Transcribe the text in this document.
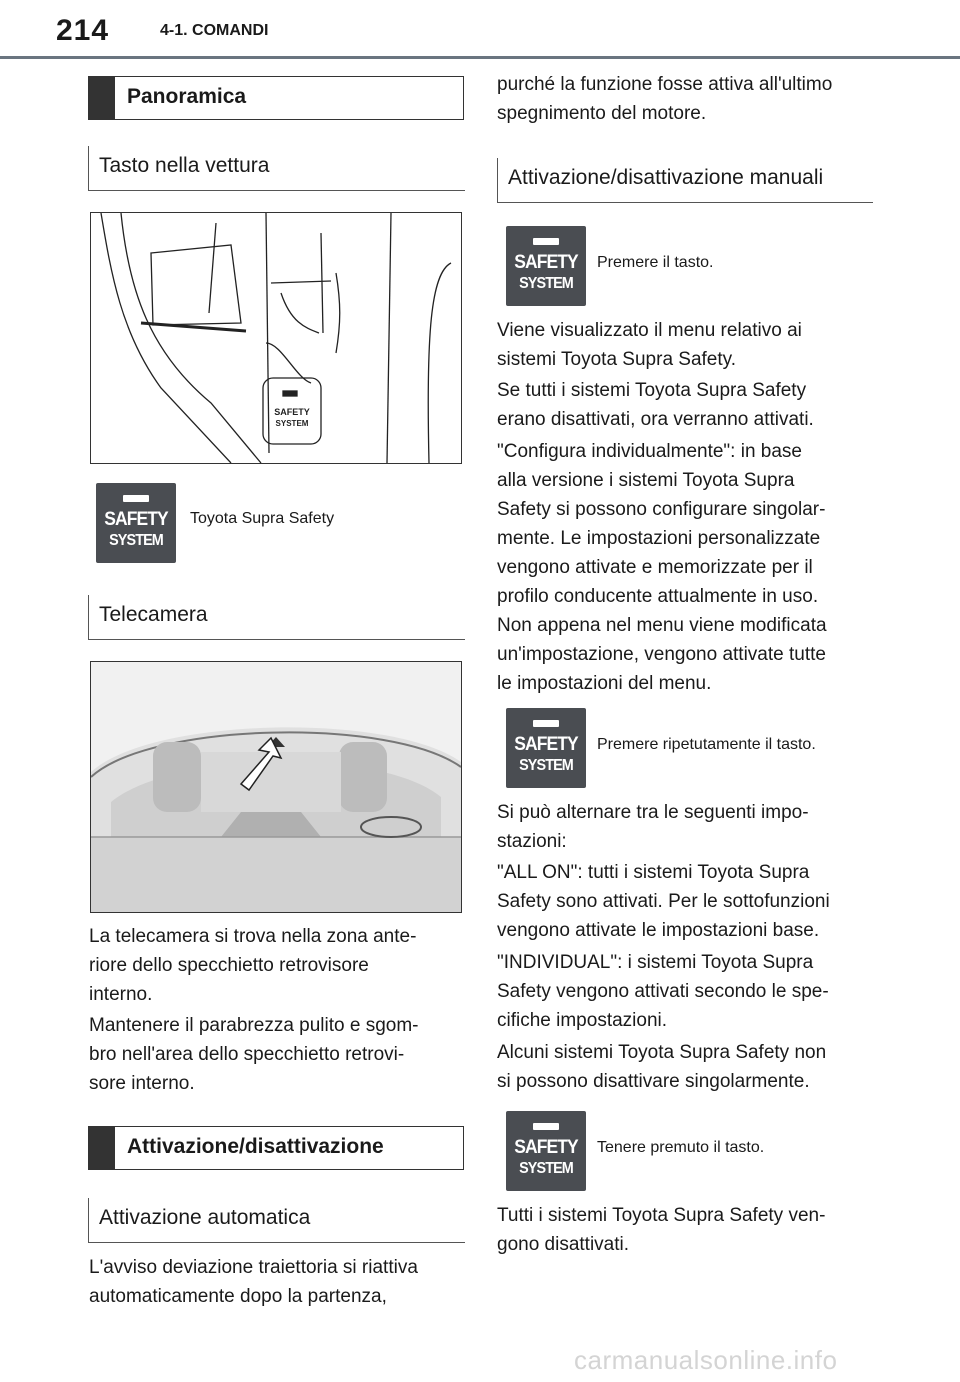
214	4-1. COMANDI
Panoramica
Tasto nella vettura
SAFETY
SYSTEM
SAFETY
SYSTEM
Toyota Supra Safety
Telecamera
La telecamera si trova nella zona ante-
riore dello specchietto retrovisore
interno.
Mantenere il parabrezza pulito e sgom-
bro nell'area dello specchietto retrovi-
sore interno.
Attivazione/disattivazione
Attivazione automatica
L'avviso deviazione traiettoria si riattiva
automaticamente dopo la partenza,
purché la funzione fosse attiva all'ultimo
spegnimento del motore.
Attivazione/disattivazione manuali
SAFETY
SYSTEM
Premere il tasto.
Viene visualizzato il menu relativo ai
sistemi Toyota Supra Safety.
Se tutti i sistemi Toyota Supra Safety
erano disattivati, ora verranno attivati.
"Configura individualmente": in base
alla versione i sistemi Toyota Supra
Safety si possono configurare singolar-
mente. Le impostazioni personalizzate
vengono attivate e memorizzate per il
profilo conducente attualmente in uso.
Non appena nel menu viene modificata
un'impostazione, vengono attivate tutte
le impostazioni del menu.
SAFETY
SYSTEM
Premere ripetutamente il tasto.
Si può alternare tra le seguenti impo-
stazioni:
"ALL ON": tutti i sistemi Toyota Supra
Safety sono attivati. Per le sottofunzioni
vengono attivate le impostazioni base.
"INDIVIDUAL": i sistemi Toyota Supra
Safety vengono attivati secondo le spe-
cifiche impostazioni.
Alcuni sistemi Toyota Supra Safety non
si possono disattivare singolarmente.
SAFETY
SYSTEM
Tenere premuto il tasto.
Tutti i sistemi Toyota Supra Safety ven-
gono disattivati.
carmanualsonline.info
